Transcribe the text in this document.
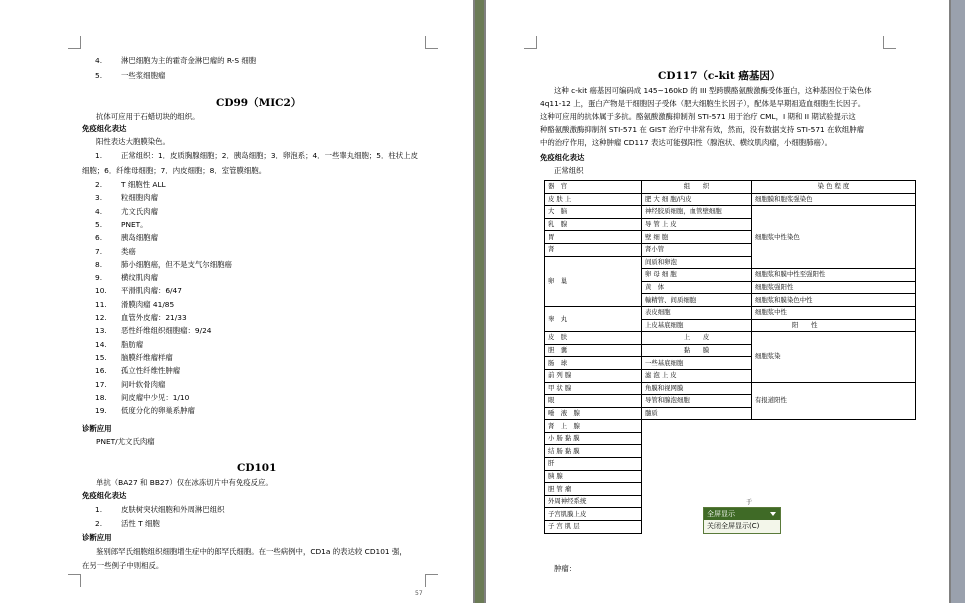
4.	淋巴细胞为主的霍奇金淋巴瘤的 R-S 细胞
5.	一些浆细胞瘤
CD99（MIC2）
抗体可应用于石蜡切块的组织。
免疫组化表达
阳性表达大胞膜染色。
1.	正常组织：1．皮质胸腺细胞；2．胰岛细胞；3．卵泡系；4．一些睾丸细胞；5．柱状上皮
细胞；6．纤维母细胞；7．内皮细胞；8．室管膜细胞。
2.	T 细胞性 ALL
3.	粒细胞肉瘤
4.	尤文氏肉瘤
5.	PNET。
6.	胰岛细胞瘤
7.	类癌
8.	肺小细胞癌，但不是支气尔细胞癌
9.	横纹肌肉瘤
10. 平滑肌肉瘤：6/47
11. 滑膜肉瘤 41/85
12. 血管外皮瘤：21/33
13. 恶性纤维组织细胞瘤：9/24
14. 脂肪瘤
15. 脑膜纤维瘤样瘤
16. 孤立性纤维性肿瘤
17. 间叶软骨肉瘤
18. 间皮瘤中少见：1/10
19. 低度分化的卵巢系肿瘤
诊断应用
PNET/尤文氏肉瘤
CD101
单抗（BA27 和 BB27）仅在冰冻切片中有免疫反应。
免疫组化表达
1.	皮肤树突状细胞和外周淋巴组织
2.	活性 T 细胞
诊断应用
鉴别郎罕氏细胞组织细胞增生症中的郎罕氏细胞。在一些病例中，CD1a 的表达较 CD101 强，
在另一些例子中则相反。
57
CD117（c-kit 癌基因）
这种 c-kit 癌基因可编码成 145~160kD 的 III 型跨膜酪氨酸激酶受体蛋白，这种基因位于染色体
4q11-12 上，蛋白产物是干细胞因子受体（肥大细胞生长因子），配体是早期祖造血细胞生长因子。
这种可应用的抗体属于多抗。酪氨酸激酶抑制剂 STI-571 用于治疗 CML，I 期和 II 期试验提示这
种酪氨酸激酶抑制剂 STI-571 在 GIST 治疗中非常有效，然而，没有数据支持 STI-571 在软组肿瘤
中的治疗作用，这种肿瘤 CD117 表达可能强阳性（腺泡状、横纹肌肉瘤，小细胞肺癌）。
免疫组化表达
正常组织
器　官	组　　织	染 色 程 度
皮 肤 上	肥 大 细 胞/内皮	细胞膜和胞浆强染色
大　脑	神经胶质细胞，血管壁细胞	细胞浆中性染色
乳　腺	导 管 上 皮	
胃	壁 细 胞	
肾	肾小管	
卵　巢	间质和卵泡	
	卵 母 细 胞	细胞浆和膜中性至强阳性
	黄　体	细胞浆强阳性
	輸精管、间质细胞	细胞浆和膜染色中性
睾　丸	表皮细胞	细胞浆中性
	上皮基底细胞	阳　　性
皮　肤	上　　皮	细胞浆染
胆　囊	黏　　膜	
肠　球	一些基底细胞	
前 列 腺	滤 泡 上 皮	
甲 状 腺	角膜和视网膜	有报道阳性
眼	导管和腺泡细胞	
唾　液　腺	髓质	
肾　上　腺		
小 肠 黏 膜		
结 肠 黏 膜		
肝		
胰 腺		
胆 管 瘤		
外周神经系统		
子宫肌膜上皮		
子 宫 肌 层		
肿瘤：
于
全屏显示
关闭全屏显示(C)
www.ipathology.cn by yanyan530
